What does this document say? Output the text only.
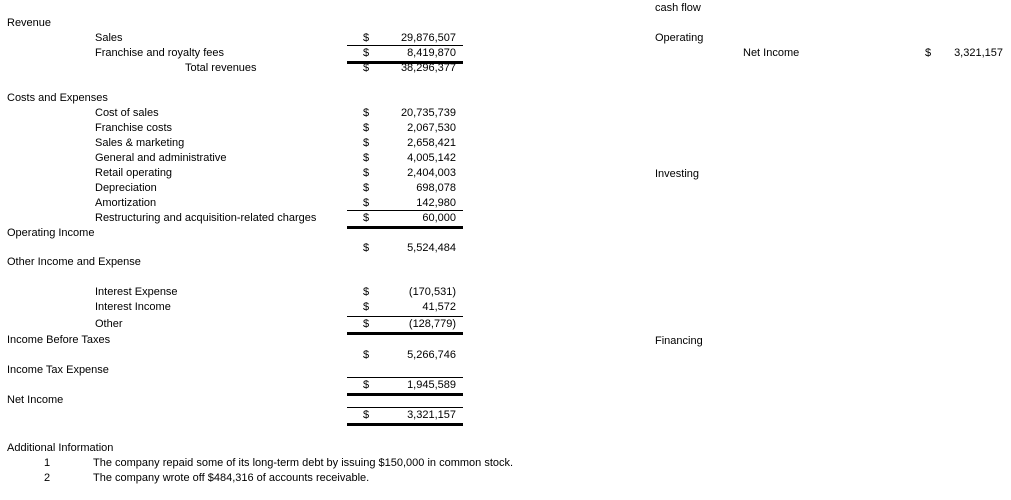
Revenue
Sales	$	29,876,507
Franchise and royalty fees	$	8,419,870
Total revenues	$	38,296,377
Costs and Expenses
Cost of sales	$	20,735,739
Franchise costs	$	2,067,530
Sales & marketing	$	2,658,421
General and administrative	$	4,005,142
Retail operating	$	2,404,003
Depreciation	$	698,078
Amortization	$	142,980
Restructuring and acquisition-related charges	$	60,000
Operating Income
$	5,524,484
Other Income and Expense
Interest Expense	$	(170,531)
Interest Income	$	41,572
Other	$	(128,779)
Income Before Taxes
$	5,266,746
Income Tax Expense
$	1,945,589
Net Income
$	3,321,157
Additional Information
1	The company repaid some of its long-term debt by issuing $150,000 in common stock.
2	The company wrote off $484,316 of accounts receivable.
cash flow
Operating
Net Income	$ 3,321,157
Investing
Financing
